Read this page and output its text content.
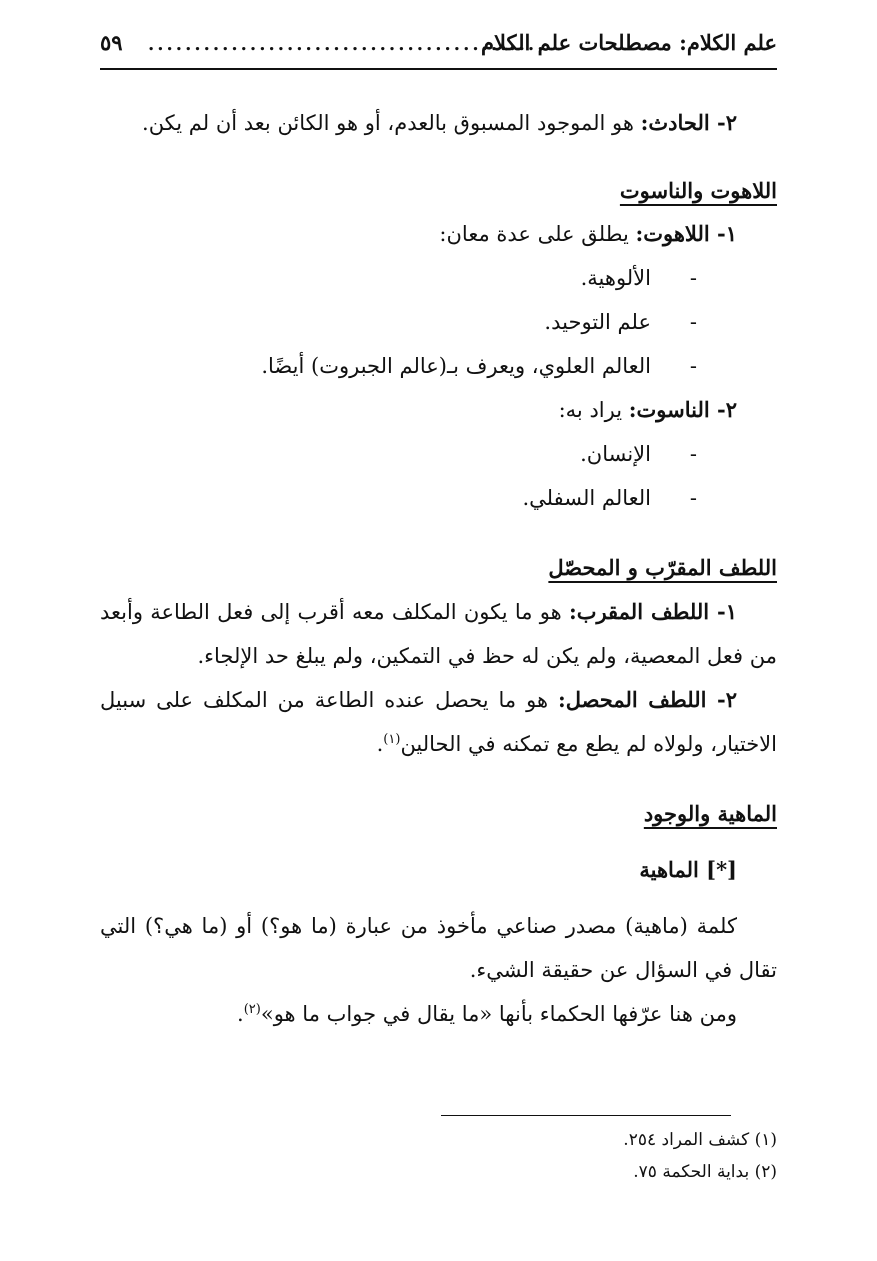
علم الكلام: مصطلحات علم الكلام
...........................................
٥٩
٢- الحادث: هو الموجود المسبوق بالعدم، أو هو الكائن بعد أن لم يكن.
اللاهوت والناسوت
١- اللاهوت: يطلق على عدة معان:
-الألوهية.
-علم التوحيد.
-العالم العلوي، ويعرف بـ(عالم الجبروت) أيضًا.
٢- الناسوت: يراد به:
-الإنسان.
-العالم السفلي.
اللطف المقرّب و المحصّل
١- اللطف المقرب: هو ما يكون المكلف معه أقرب إلى فعل الطاعة وأبعد
من فعل المعصية، ولم يكن له حظ في التمكين، ولم يبلغ حد الإلجاء.
٢- اللطف المحصل: هو ما يحصل عنده الطاعة من المكلف على سبيل
الاختيار، ولولاه لم يطع مع تمكنه في الحالين$^{(١)}$.
الماهية والوجود
[*] الماهية
كلمة (ماهية) مصدر صناعي مأخوذ من عبارة (ما هو؟) أو (ما هي؟) التي
تقال في السؤال عن حقيقة الشيء.
ومن هنا عرّفها الحكماء بأنها «ما يقال في جواب ما هو»$^{(٢)}$.
(١) كشف المراد ٢٥٤.
(٢) بداية الحكمة ٧٥.
